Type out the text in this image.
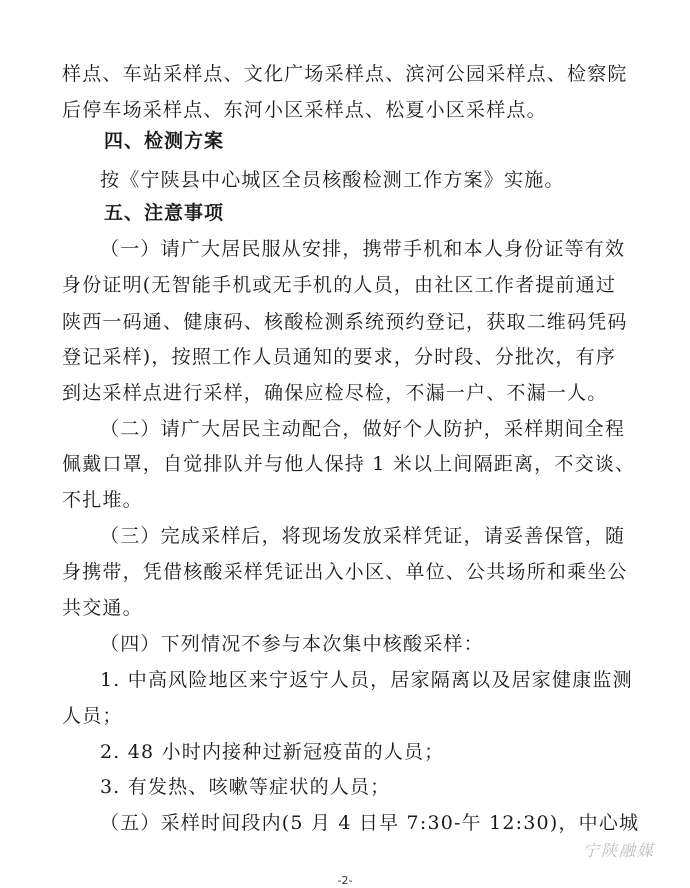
样点、车站采样点、文化广场采样点、滨河公园采样点、检察院
后停车场采样点、东河小区采样点、松夏小区采样点。
四、检测方案
按《宁陕县中心城区全员核酸检测工作方案》实施。
五、注意事项
（一）请广大居民服从安排，携带手机和本人身份证等有效
身份证明(无智能手机或无手机的人员，由社区工作者提前通过
陕西一码通、健康码、核酸检测系统预约登记，获取二维码凭码
登记采样)，按照工作人员通知的要求，分时段、分批次，有序
到达采样点进行采样，确保应检尽检，不漏一户、不漏一人。
（二）请广大居民主动配合，做好个人防护，采样期间全程
佩戴口罩，自觉排队并与他人保持 1 米以上间隔距离，不交谈、
不扎堆。
（三）完成采样后，将现场发放采样凭证，请妥善保管，随
身携带，凭借核酸采样凭证出入小区、单位、公共场所和乘坐公
共交通。
（四）下列情况不参与本次集中核酸采样：
1. 中高风险地区来宁返宁人员，居家隔离以及居家健康监测
人员；
2. 48 小时内接种过新冠疫苗的人员；
3. 有发热、咳嗽等症状的人员；
（五）采样时间段内(5 月 4 日早 7:30-午 12:30)，中心城
宁陕融媒
-2-
